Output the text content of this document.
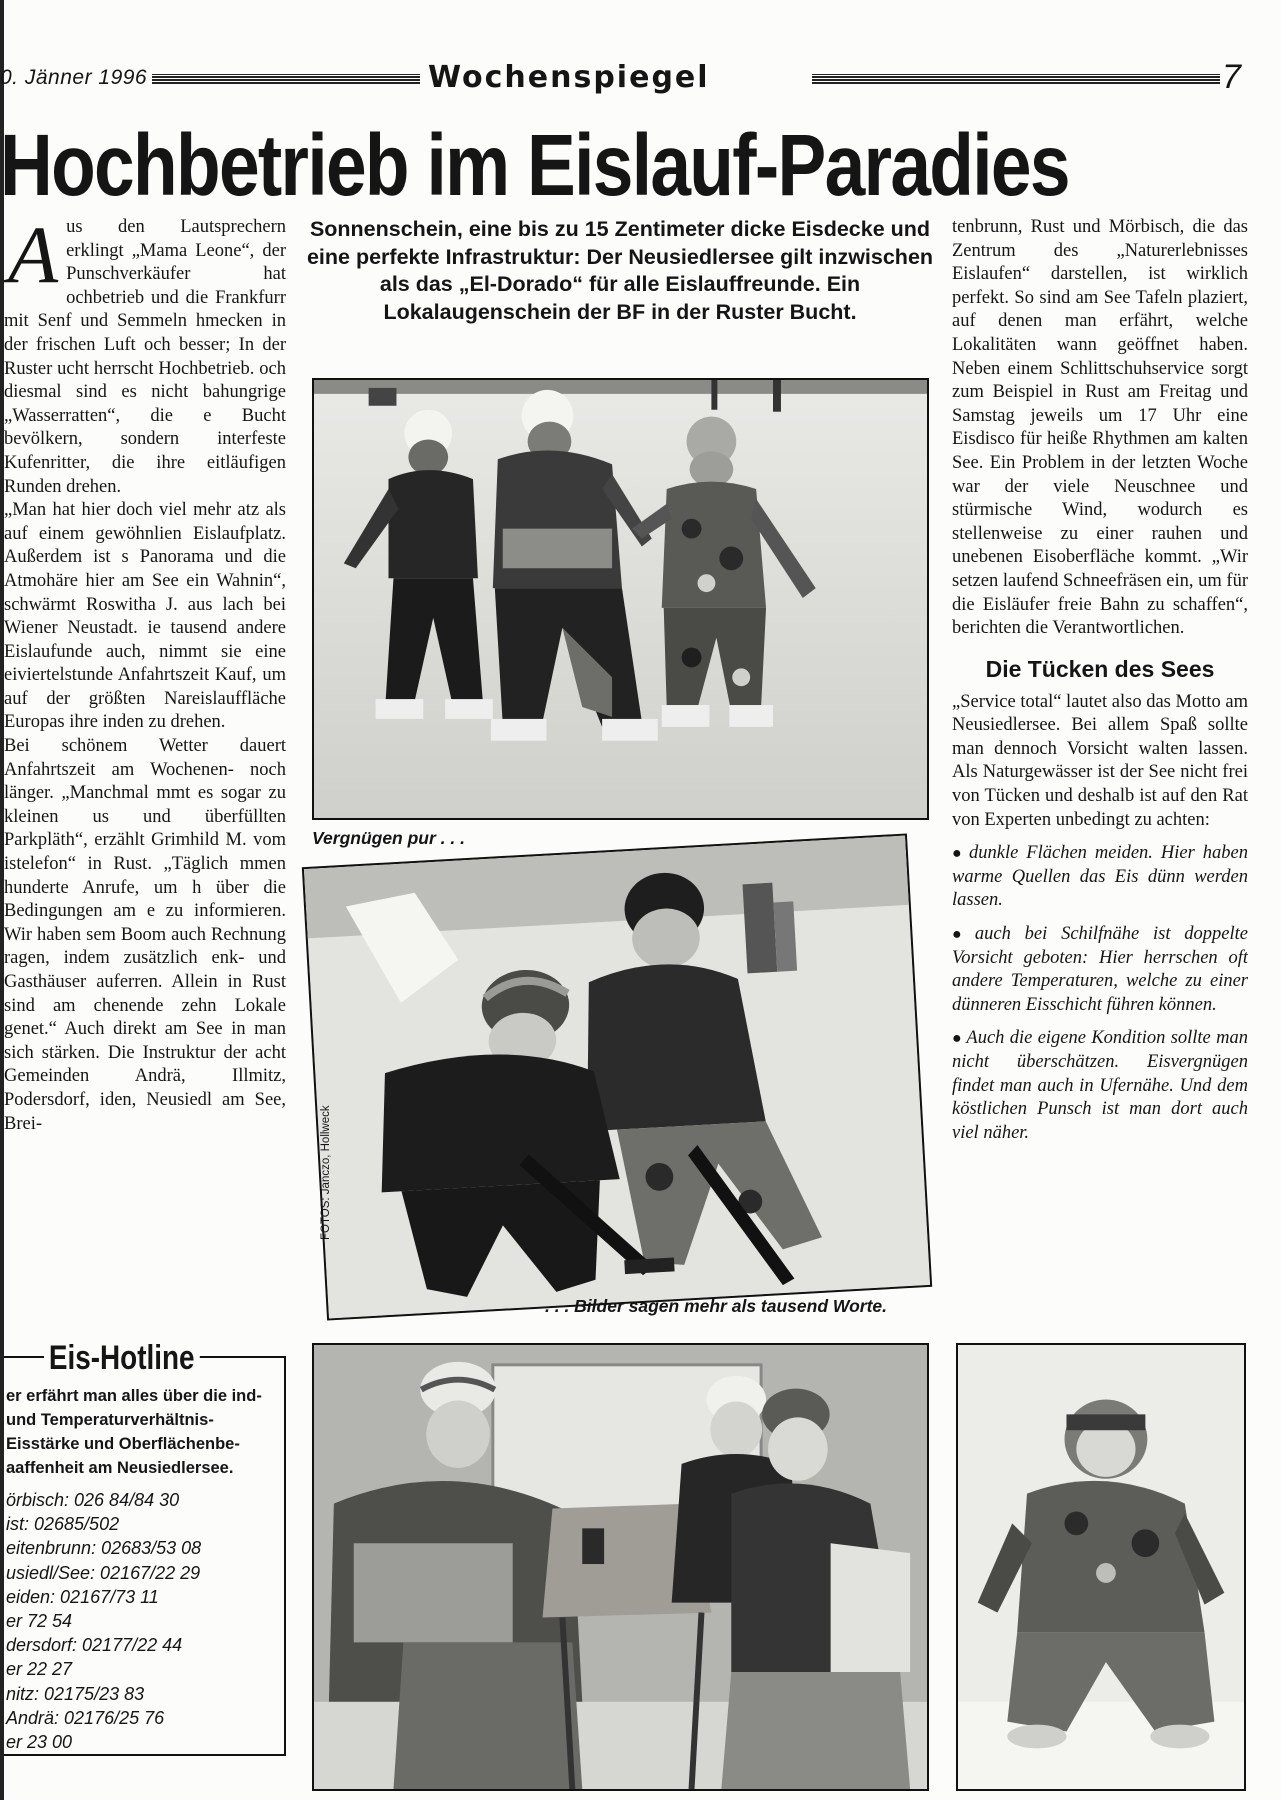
0. Jänner 1996	Wochenspiegel	7
Hochbetrieb im Eislauf-Paradies
A us den Lautsprechern erklingt „Mama Leone“, der Punschverkäufer hat ochbetrieb und die Frankfurr mit Senf und Semmeln hmecken in der frischen Luft och besser; In der Ruster ucht herrscht Hochbetrieb. och diesmal sind es nicht bahungrige „Wasserratten“, die e Bucht bevölkern, sondern interfeste Kufenritter, die ihre eitläufigen Runden drehen.

„Man hat hier doch viel mehr atz als auf einem gewöhnlien Eislaufplatz. Außerdem ist s Panorama und die Atmohäre hier am See ein Wahnin“, schwärmt Roswitha J. aus lach bei Wiener Neustadt. ie tausend andere Eislaufunde auch, nimmt sie eine eiviertelstunde Anfahrtszeit Kauf, um auf der größten Nareislauffläche Europas ihre inden zu drehen.

Bei schönem Wetter dauert Anfahrtszeit am Wochenen- noch länger. „Manchmal mmt es sogar zu kleinen us und überfüllten Parkpläth“, erzählt Grimhild M. vom istelefon“ in Rust. „Täglich mmen hunderte Anrufe, um h über die Bedingungen am e zu informieren. Wir haben sem Boom auch Rechnung ragen, indem zusätzlich enk- und Gasthäuser auferren. Allein in Rust sind am chenende zehn Lokale genet.“ Auch direkt am See in man sich stärken. Die Instruktur der acht Gemeinden Andrä, Illmitz, Podersdorf, iden, Neusiedl am See, Brei-

Sonnenschein, eine bis zu 15 Zentimeter dicke Eisdecke und eine perfekte Infrastruktur: Der Neusiedlersee gilt inzwischen als das „El-Dorado“ für alle Eislauffreunde. Ein Lokalaugenschein der BF in der Ruster Bucht.
Vergnügen pur . . .
FOTOS: Janczo, Hollweck
. . . Bilder sagen mehr als tausend Worte.

tenbrunn, Rust und Mörbisch, die das Zentrum des „Naturerlebnisses Eislaufen“ darstellen, ist wirklich perfekt. So sind am See Tafeln plaziert, auf denen man erfährt, welche Lokalitäten wann geöffnet haben. Neben einem Schlittschuhservice sorgt zum Beispiel in Rust am Freitag und Samstag jeweils um 17 Uhr eine Eisdisco für heiße Rhythmen am kalten See. Ein Problem in der letzten Woche war der viele Neuschnee und stürmische Wind, wodurch es stellenweise zu einer rauhen und unebenen Eisoberfläche kommt. „Wir setzen laufend Schneefräsen ein, um für die Eisläufer freie Bahn zu schaffen“, berichten die Verantwortlichen.

Die Tücken des Sees

„Service total“ lautet also das Motto am Neusiedlersee. Bei allem Spaß sollte man dennoch Vorsicht walten lassen. Als Naturgewässer ist der See nicht frei von Tücken und deshalb ist auf den Rat von Experten unbedingt zu achten:

● dunkle Flächen meiden. Hier haben warme Quellen das Eis dünn werden lassen.

● auch bei Schilfnähe ist doppelte Vorsicht geboten: Hier herrschen oft andere Temperaturen, welche zu einer dünneren Eisschicht führen können.

● Auch die eigene Kondition sollte man nicht überschätzen. Eisvergnügen findet man auch in Ufernähe. Und dem köstlichen Punsch ist man dort auch viel näher.

Eis-Hotline
er erfährt man alles über die ind- und Temperaturverhältnis- Eisstärke und Oberflächenbe- aaffenheit am Neusiedlersee.
örbisch: 026 84/84 30
ist: 02685/502
eitenbrunn: 02683/53 08
usiedl/See: 02167/22 29
eiden: 02167/73 11
er 72 54
dersdorf: 02177/22 44
er 22 27
nitz: 02175/23 83
Andrä: 02176/25 76
er 23 00
